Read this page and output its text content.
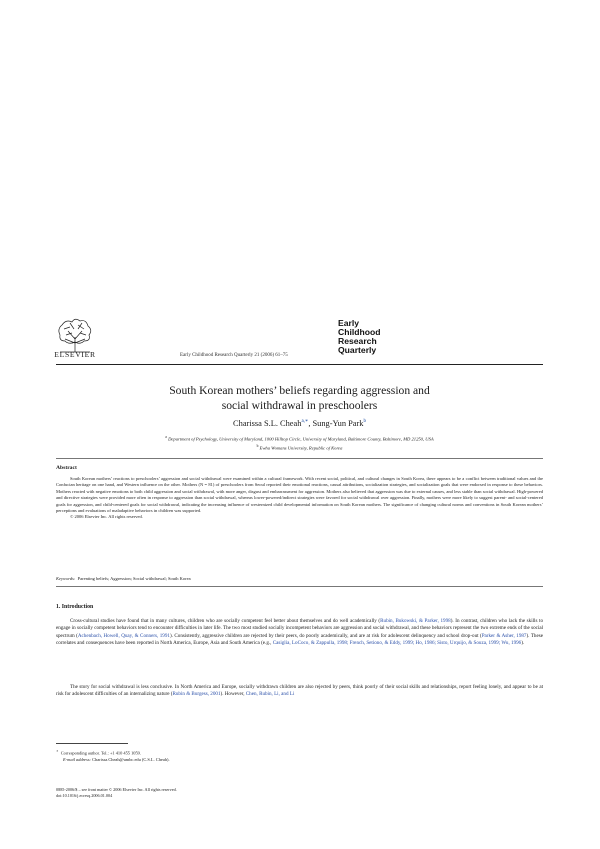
ELSEVIER	Early Childhood Research Quarterly 21 (2006) 61–75
Early
Childhood
Research
Quarterly
South Korean mothers’ beliefs regarding aggression and
social withdrawal in preschoolers
Charissa S.L. Cheah$^{a,∗}$, Sung-Yun Park$^b$
$^a$ Department of Psychology, University of Maryland, 1000 Hilltop Circle, University of Maryland, Baltimore County, Baltimore, MD 21250, USA
$^b$ Ewha Womans University, Republic of Korea
Abstract
South Korean mothers’ reactions to preschoolers’ aggression and social withdrawal were examined within a cultural framework. With recent social, political, and cultural changes in South Korea, there appears to be a conflict between traditional values and the Confucian heritage on one hand, and Western influence on the other. Mothers (N = 81) of preschoolers from Seoul reported their emotional reactions, causal attributions, socialization strategies, and socialization goals that were endorsed in response to these behaviors. Mothers reacted with negative emotions to both child aggression and social withdrawal, with more anger, disgust and embarrassment for aggression. Mothers also believed that aggression was due to external causes, and less stable than social withdrawal. High-powered and directive strategies were provided more often in response to aggression than social withdrawal, whereas lower-powered/indirect strategies were favored for social withdrawal over aggression. Finally, mothers were more likely to suggest parent- and social-centered goals for aggression, and child-centered goals for social withdrawal, indicating the increasing influence of westernized child developmental information on South Korean mothers. The significance of changing cultural norms and conventions in South Korean mothers’ perceptions and evaluations of maladaptive behaviors in children was supported.
© 2006 Elsevier Inc. All rights reserved.
Keywords: Parenting beliefs; Aggression; Social withdrawal; South Korea
1. Introduction
Cross-cultural studies have found that in many cultures, children who are socially competent feel better about themselves and do well academically (Rubin, Bukowski, & Parker, 1998). In contrast, children who lack the skills to engage in socially competent behaviors tend to encounter difficulties in later life. The two most studied socially incompetent behaviors are aggression and social withdrawal, and these behaviors represent the two extreme ends of the social spectrum (Achenbach, Howell, Quay, & Conners, 1991). Consistently, aggressive children are rejected by their peers, do poorly academically, and are at risk for adolescent delinquency and school drop-out (Parker & Asher, 1987). These correlates and consequences have been reported in North America, Europe, Asia and South America (e.g., Casiglia, LoCoco, & Zappulla, 1998; French, Setiono, & Eddy, 1999; Ho, 1986; Sisto, Urquijo, & Souza, 1999; Wu, 1996).
The story for social withdrawal is less conclusive. In North America and Europe, socially withdrawn children are also rejected by peers, think poorly of their social skills and relationships, report feeling lonely, and appear to be at risk for adolescent difficulties of an internalizing nature (Rubin & Burgess, 2001). However, Chen, Rubin, Li, and Li
∗ Corresponding author. Tel.: +1 410 455 1059.
E-mail address: Charissa.Cheah@umbc.edu (C.S.L. Cheah).
0885-2006/$ – see front matter © 2006 Elsevier Inc. All rights reserved.
doi:10.1016/j.ecresq.2006.01.004
